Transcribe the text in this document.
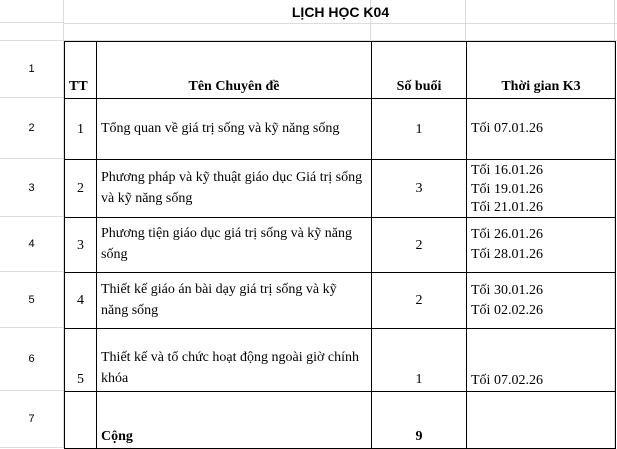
1
2
3
4
5
6
7
LỊCH HỌC K04
TT	Tên Chuyên đề	Số buổi	Thời gian K3
1	Tổng quan về giá trị sống và kỹ năng sống	1	Tối 07.01.26

2	Phương pháp và kỹ thuật giáo dục Giá trị sống và kỹ năng sống	3	Tối 16.01.26
Tối 19.01.26
Tối 21.01.26

3	Phương tiện giáo dục giá trị sống và kỹ năng sống	2	Tối 26.01.26
Tối 28.01.26

4	Thiết kế giáo án bài dạy giá trị sống và kỹ năng sống	2	Tối 30.01.26
Tối 02.02.26

5	Thiết kế và tổ chức hoạt động ngoài giờ chính khóa	1	Tối 07.02.26

	Cộng	9	
